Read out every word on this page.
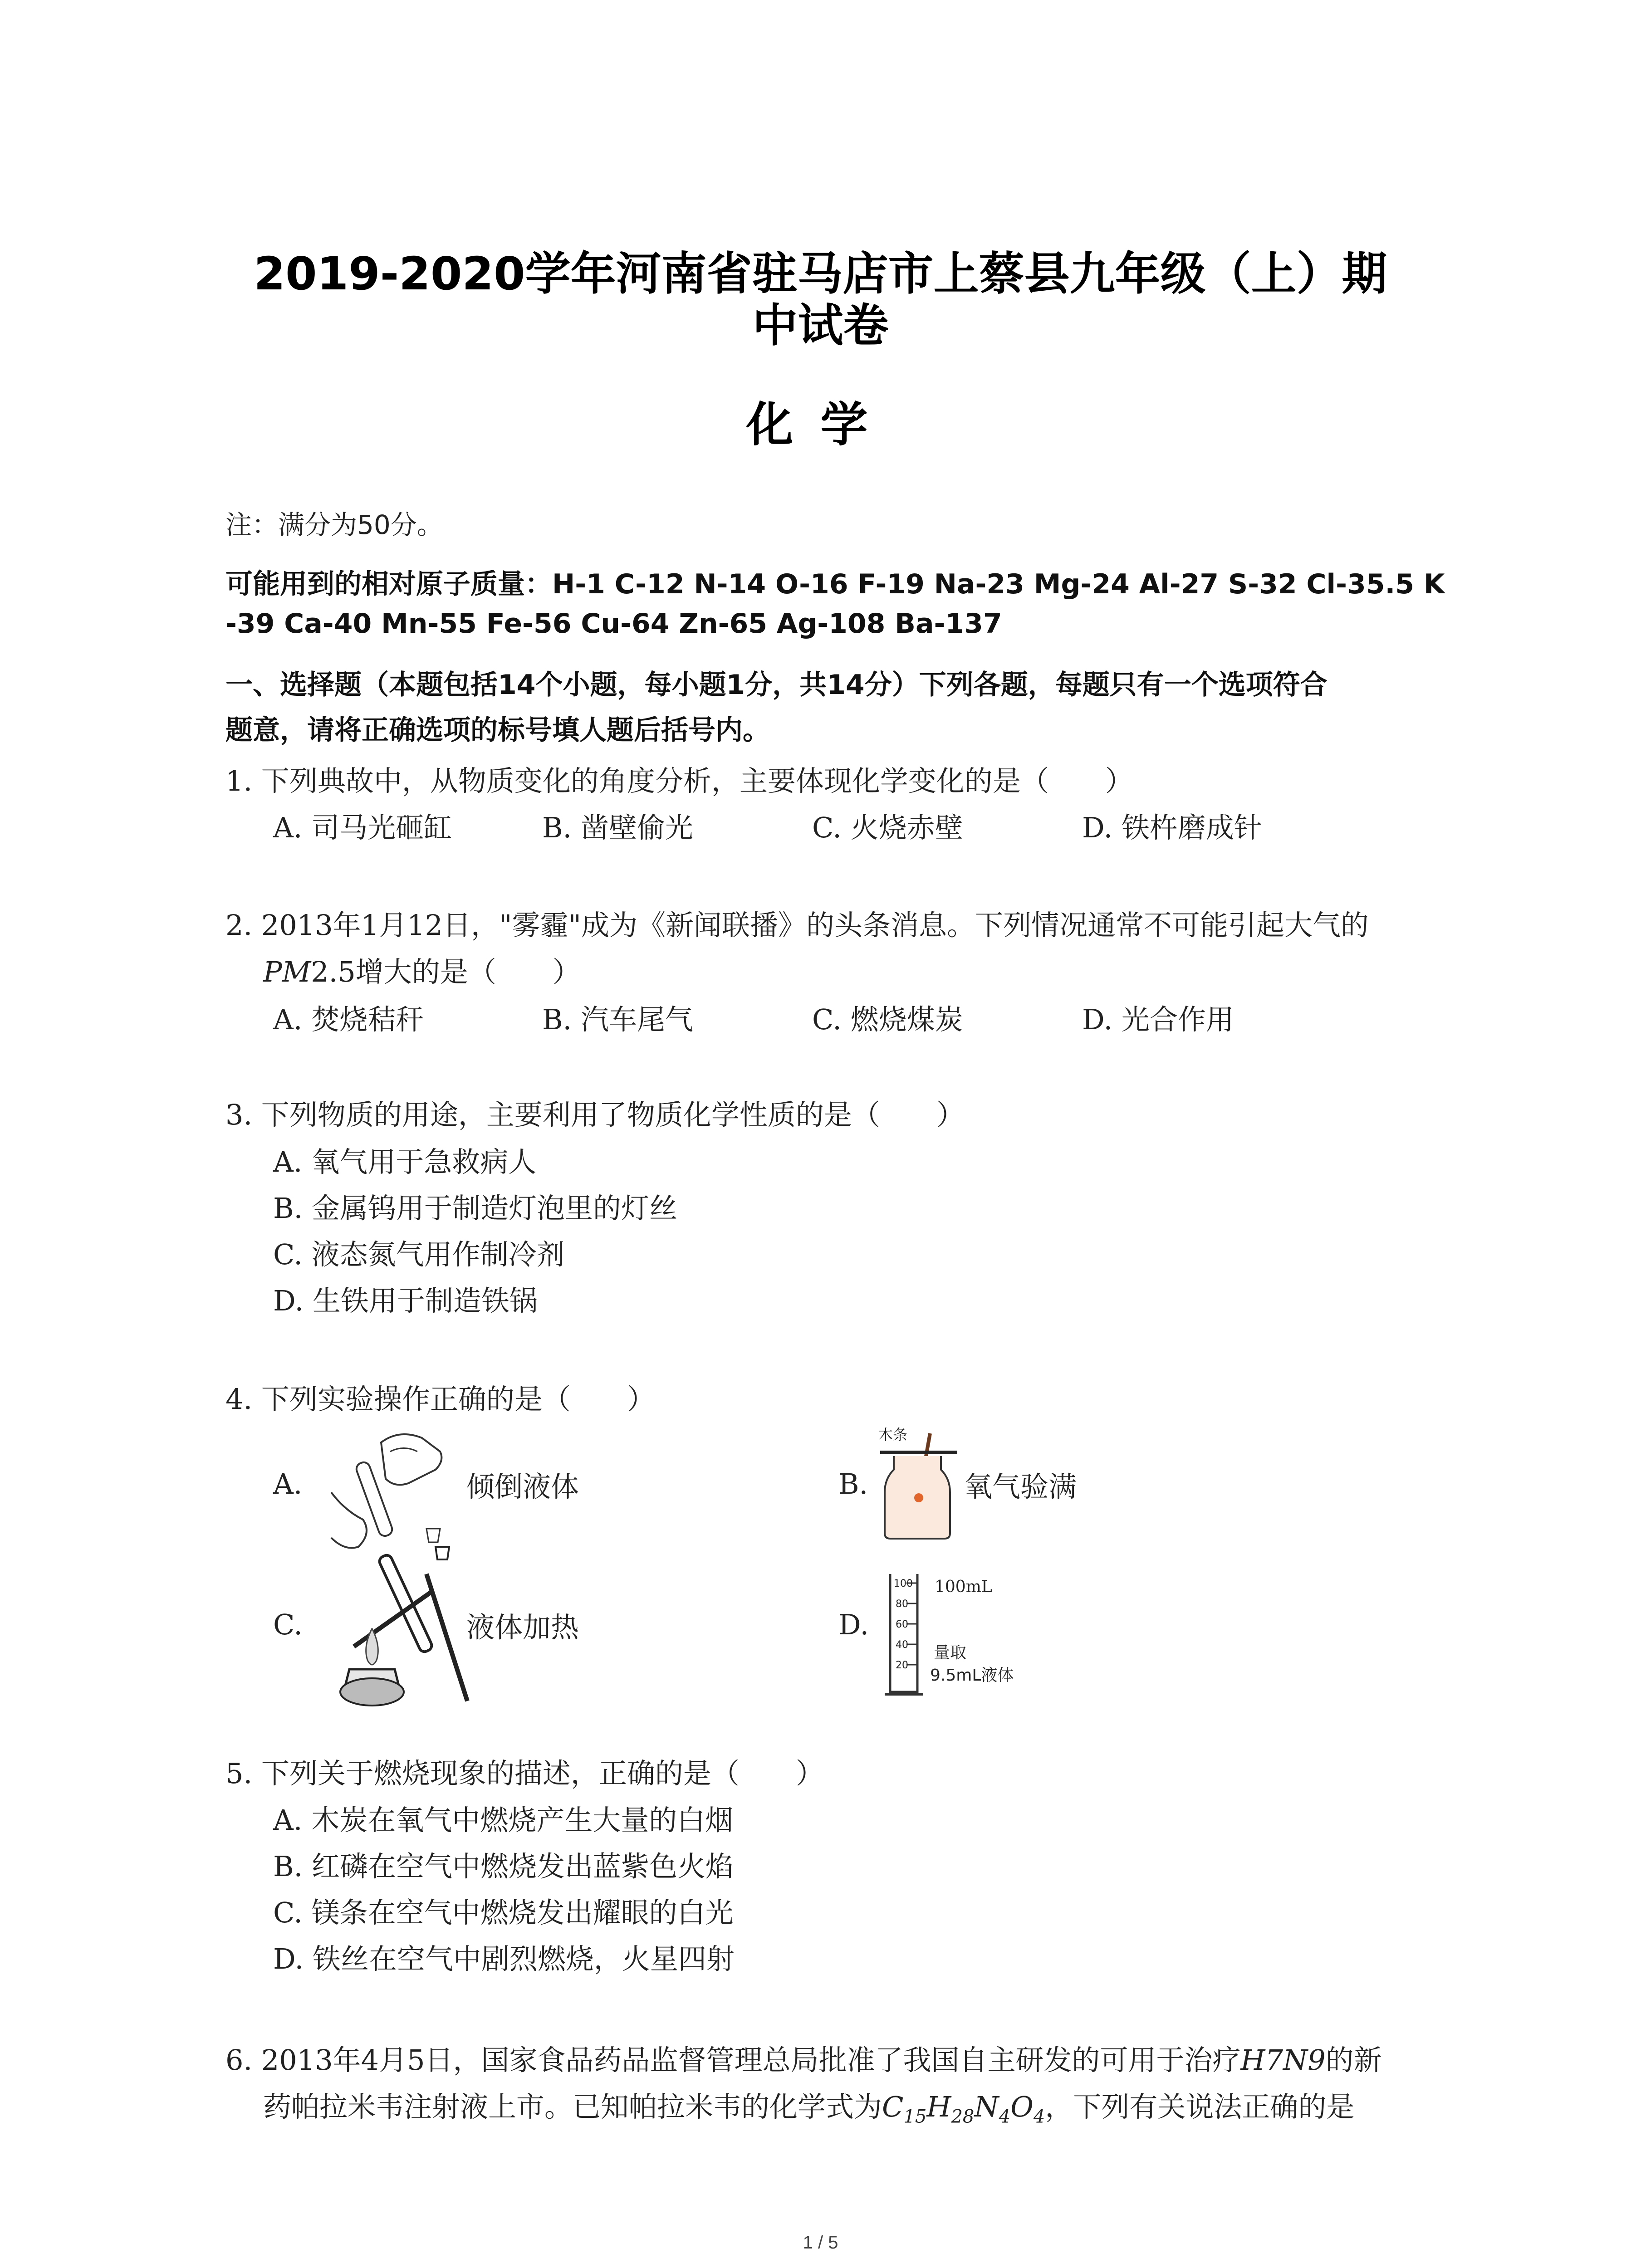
2019-2020学年河南省驻马店市上蔡县九年级（上）期
中试卷
化学
注：满分为50分。
可能用到的相对原子质量：H-1 C-12 N-14 O-16 F-19 Na-23 Mg-24 Al-27 S-32 Cl-35.5 K
-39 Ca-40 Mn-55 Fe-56 Cu-64 Zn-65 Ag-108 Ba-137
一、选择题（本题包括14个小题，每小题1分，共14分）下列各题，每题只有一个选项符合
题意，请将正确选项的标号填人题后括号内。
1. 下列典故中，从物质变化的角度分析，主要体现化学变化的是（　　）
A. 司马光砸缸	B. 凿壁偷光	C. 火烧赤壁	D. 铁杵磨成针
2. 2013年1月12日，"雾霾"成为《新闻联播》的头条消息。下列情况通常不可能引起大气的
PM2.5增大的是（　　）
A. 焚烧秸秆	B. 汽车尾气	C. 燃烧煤炭	D. 光合作用
3. 下列物质的用途，主要利用了物质化学性质的是（　　）
A. 氧气用于急救病人
B. 金属钨用于制造灯泡里的灯丝
C. 液态氮气用作制冷剂
D. 生铁用于制造铁锅
4. 下列实验操作正确的是（　　）
A.	倾倒液体	B.
木条
氧气验满
C.	液体加热	D.
100
80
60
40
20
100mL
量取
9.5mL液体
5. 下列关于燃烧现象的描述，正确的是（　　）
A. 木炭在氧气中燃烧产生大量的白烟
B. 红磷在空气中燃烧发出蓝紫色火焰
C. 镁条在空气中燃烧发出耀眼的白光
D. 铁丝在空气中剧烈燃烧，火星四射
6. 2013年4月5日，国家食品药品监督管理总局批准了我国自主研发的可用于治疗H7N9的新
药帕拉米韦注射液上市。已知帕拉米韦的化学式为$C_{15}H_{28}N_4O_4$，下列有关说法正确的是
1 / 5
